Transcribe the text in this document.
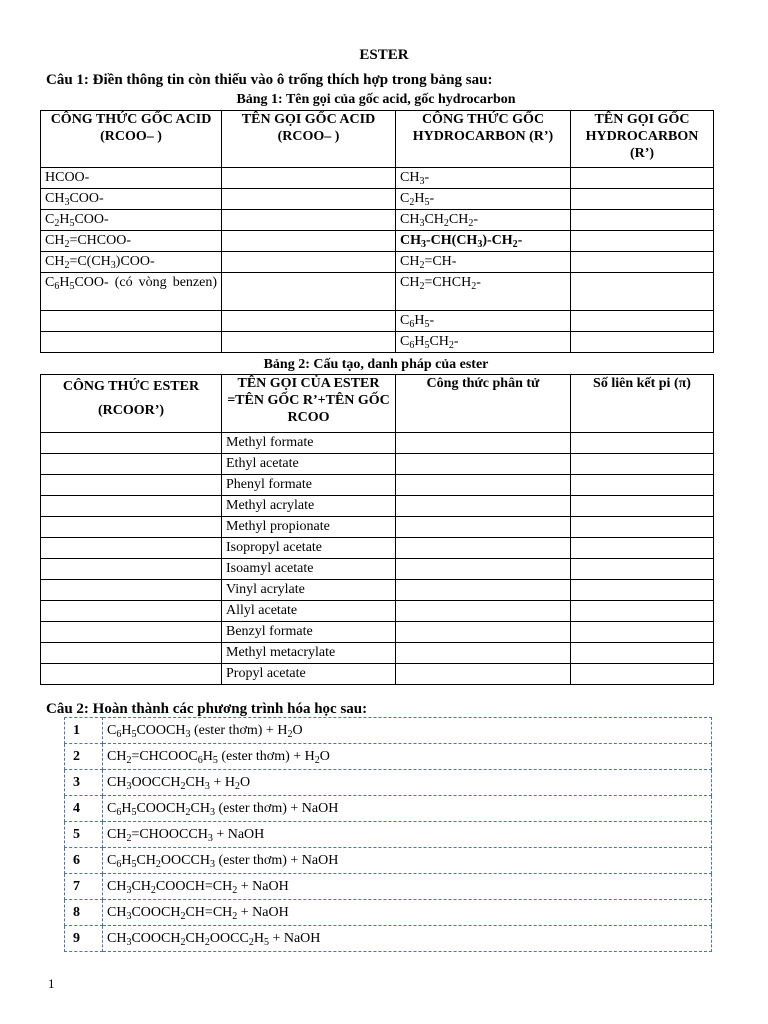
ESTER
Câu 1: Điền thông tin còn thiếu vào ô trống thích hợp trong bảng sau:
Bảng 1: Tên gọi của gốc acid, gốc hydrocarbon
CÔNG THỨC GỐC ACID (RCOO– )	TÊN GỌI GỐC ACID (RCOO– )	CÔNG THỨC GỐC HYDROCARBON (R’)	TÊN GỌI GỐC HYDROCARBON (R’)
HCOO-		$CH_3-$	
$CH_3COO-$		$C_2H_5-$	
$C_2H_5COO-$		$CH_3CH_2CH_2-$	
$CH_2=CHCOO-$		$CH_3-CH(CH_3)-CH_2-$	
$CH_2=C(CH_3)COO-$		$CH_2=CH-$	
$C_6H_5COO-$ (có vòng benzen)		$CH_2=CHCH_2-$	
		$C_6H_5-$	
		$C_6H_5CH_2-$	
Bảng 2: Cấu tạo, danh pháp của ester
CÔNG THỨC ESTER (RCOOR’)	TÊN GỌI CỦA ESTER =TÊN GỐC R’+TÊN GỐC RCOO	Công thức phân tử	Số liên kết pi (π)
	Methyl formate		
	Ethyl acetate		
	Phenyl formate		
	Methyl acrylate		
	Methyl propionate		
	Isopropyl acetate		
	Isoamyl acetate		
	Vinyl acrylate		
	Allyl acetate		
	Benzyl formate		
	Methyl metacrylate		
	Propyl acetate		
Câu 2: Hoàn thành các phương trình hóa học sau:
1	$C_6H_5COOCH_3$ (ester thơm) + $H_2O$
2	$CH_2=CHCOOC_6H_5$ (ester thơm) + $H_2O$
3	$CH_3OOCCH_2CH_3 + H_2O$
4	$C_6H_5COOCH_2CH_3$ (ester thơm) + NaOH
5	$CH_2=CHOOCCH_3$ + NaOH
6	$C_6H_5CH_2OOCCH_3$ (ester thơm) + NaOH
7	$CH_3CH_2COOCH=CH_2$ + NaOH
8	$CH_3COOCH_2CH=CH_2$ + NaOH
9	$CH_3COOCH_2CH_2OOCC_2H_5$ + NaOH
1
